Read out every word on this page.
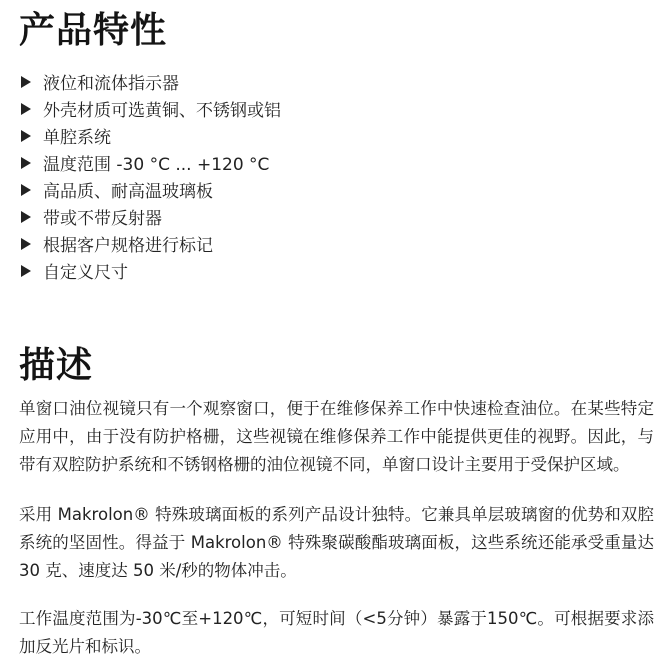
产品特性
液位和流体指示器
外壳材质可选黄铜、不锈钢或铝
单腔系统
温度范围 -30 °C ... +120 °C
高品质、耐高温玻璃板
带或不带反射器
根据客户规格进行标记
自定义尺寸
描述

单窗口油位视镜只有一个观察窗口，便于在维修保养工作中快速检查油位。在某些特定应用中，由于没有防护格栅，这些视镜在维修保养工作中能提供更佳的视野。因此，与带有双腔防护系统和不锈钢格栅的油位视镜不同，单窗口设计主要用于受保护区域。

采用 Makrolon® 特殊玻璃面板的系列产品设计独特。它兼具单层玻璃窗的优势和双腔系统的坚固性。得益于 Makrolon® 特殊聚碳酸酯玻璃面板，这些系统还能承受重量达 30 克、速度达 50 米/秒的物体冲击。

工作温度范围为-30℃至+120℃，可短时间（<5分钟）暴露于150℃。可根据要求添加反光片和标识。
